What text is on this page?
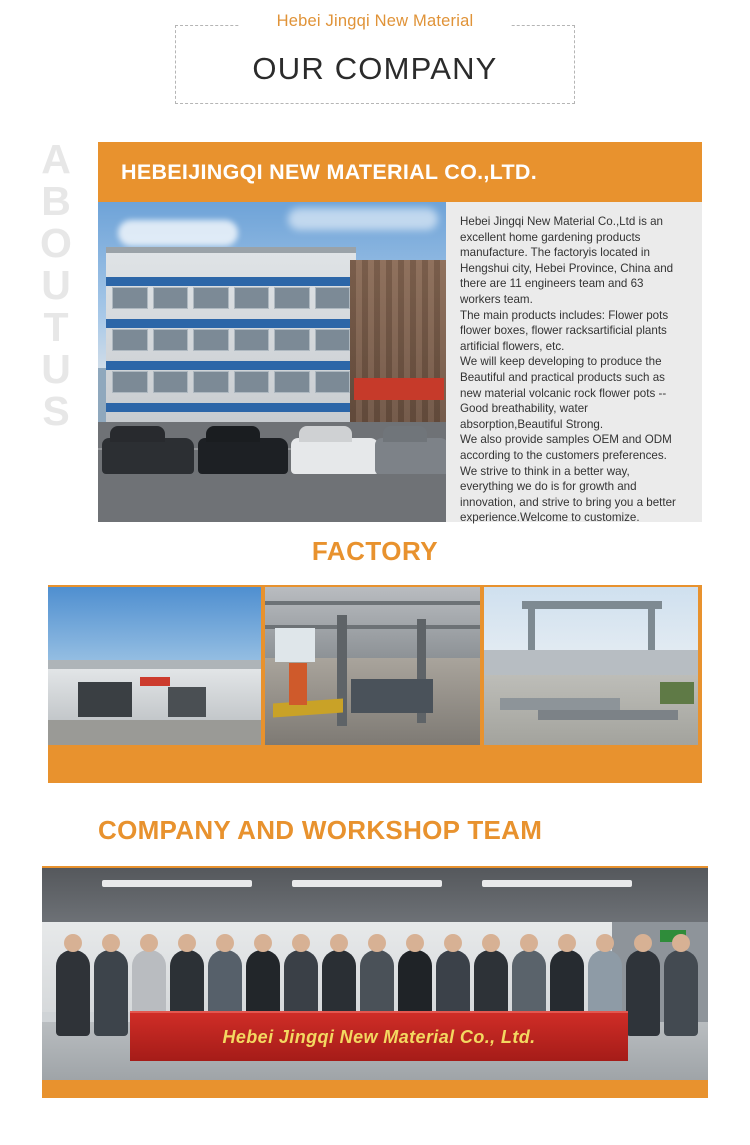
Hebei Jingqi New Material
OUR COMPANY
A
B
O
U
T
U
S
HEBEIJINGQI NEW MATERIAL CO.,LTD.

Hebei Jingqi New Material Co.,Ltd is an excellent home gardening products manufacture. The factoryis located in Hengshui city, Hebei Province, China and there are 11 engineers team and 63 workers team.

The main products includes: Flower pots flower boxes, flower racksartificial plants artificial flowers, etc.

We will keep developing to produce the Beautiful and practical products such as new material volcanic rock flower pots --Good breathability, water absorption,Beautiful Strong.

We also provide samples OEM and ODM according to the customers preferences.

We strive to think in a better way, everything we do is for growth and innovation, and strive to bring you a better experience.Welcome to customize.

FACTORY
COMPANY AND WORKSHOP TEAM
Hebei Jingqi New Material Co., Ltd.
